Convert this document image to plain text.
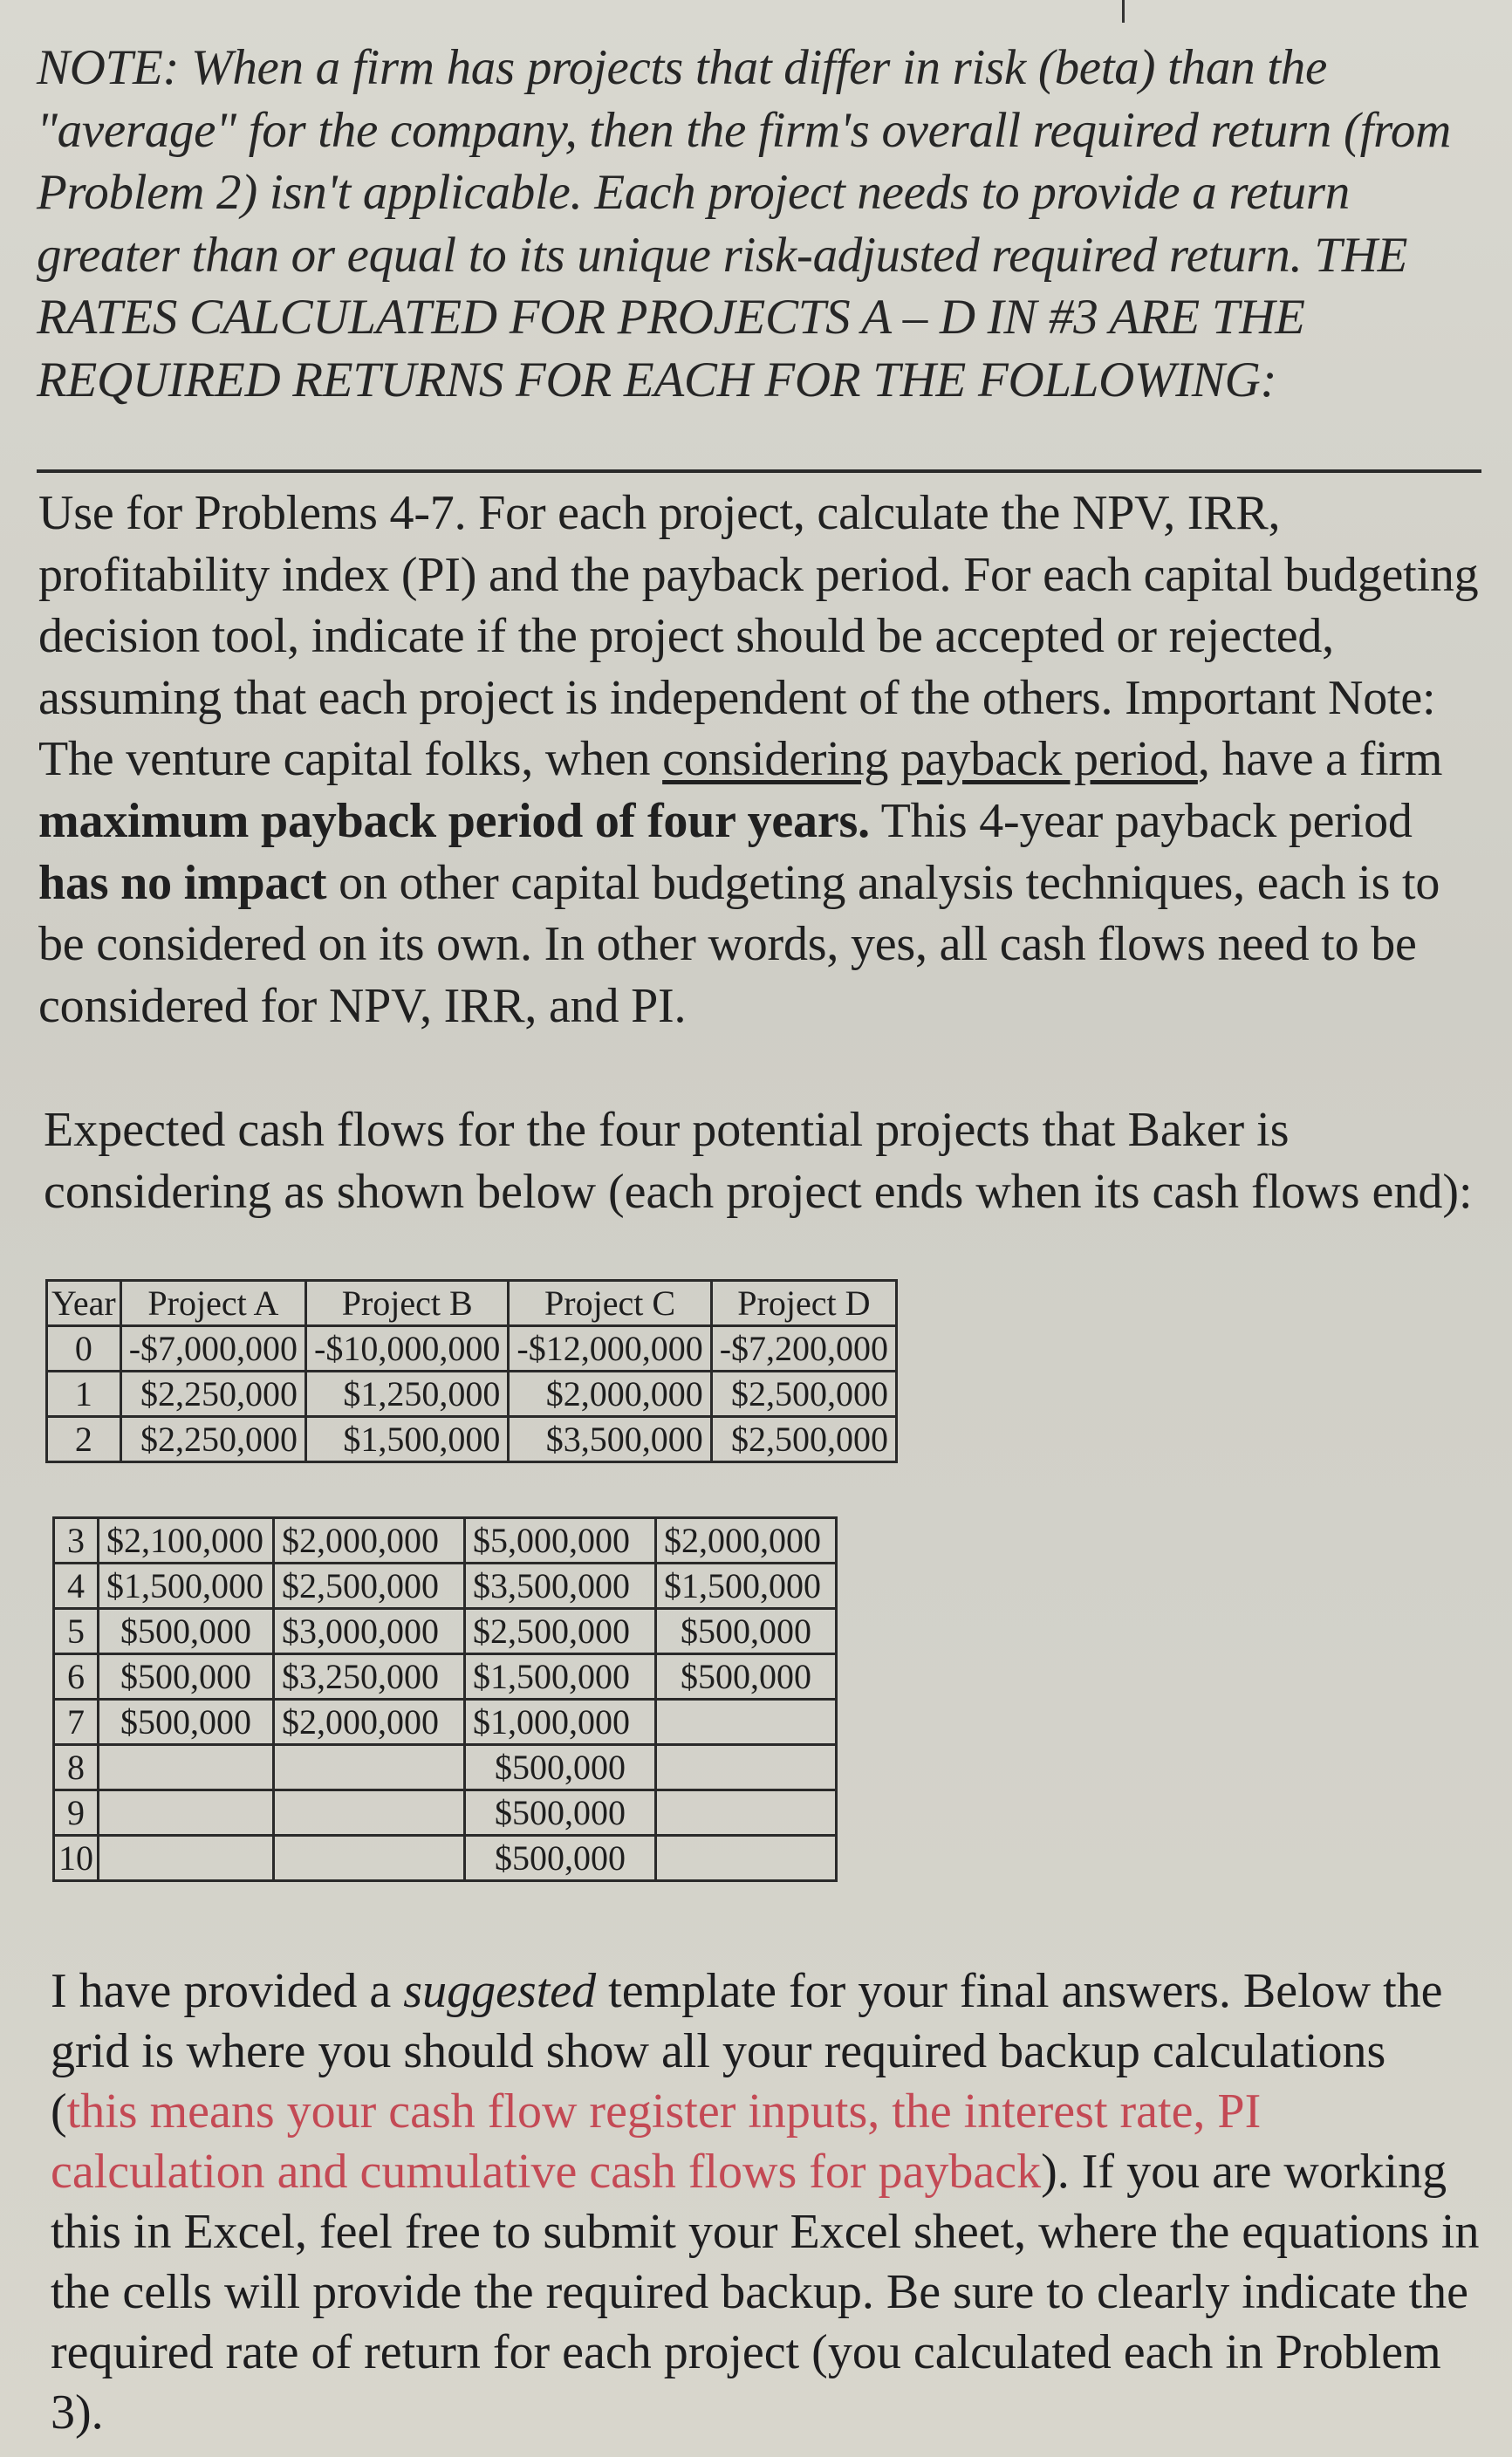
NOTE: When a firm has projects that differ in risk (beta) than the "average" for the company, then the firm's overall required return (from Problem 2) isn't applicable. Each project needs to provide a return greater than or equal to its unique risk-adjusted required return. THE RATES CALCULATED FOR PROJECTS A – D IN #3 ARE THE REQUIRED RETURNS FOR EACH FOR THE FOLLOWING:
Use for Problems 4-7. For each project, calculate the NPV, IRR, profitability index (PI) and the payback period. For each capital budgeting decision tool, indicate if the project should be accepted or rejected, assuming that each project is independent of the others. Important Note: The venture capital folks, when considering payback period, have a firm maximum payback period of four years. This 4-year payback period has no impact on other capital budgeting analysis techniques, each is to be considered on its own. In other words, yes, all cash flows need to be considered for NPV, IRR, and PI.
Expected cash flows for the four potential projects that Baker is considering as shown below (each project ends when its cash flows end):
Year	Project A	Project B	Project C	Project D
0	-$7,000,000	-$10,000,000	-$12,000,000	-$7,200,000
1	$2,250,000	$1,250,000	$2,000,000	$2,500,000
2	$2,250,000	$1,500,000	$3,500,000	$2,500,000
3	$2,100,000	$2,000,000	$5,000,000	$2,000,000
4	$1,500,000	$2,500,000	$3,500,000	$1,500,000
5	$500,000	$3,000,000	$2,500,000	$500,000
6	$500,000	$3,250,000	$1,500,000	$500,000
7	$500,000	$2,000,000	$1,000,000	
8			$500,000	
9			$500,000	
10			$500,000	
I have provided a suggested template for your final answers. Below the grid is where you should show all your required backup calculations (this means your cash flow register inputs, the interest rate, PI calculation and cumulative cash flows for payback). If you are working this in Excel, feel free to submit your Excel sheet, where the equations in the cells will provide the required backup. Be sure to clearly indicate the required rate of return for each project (you calculated each in Problem 3).
